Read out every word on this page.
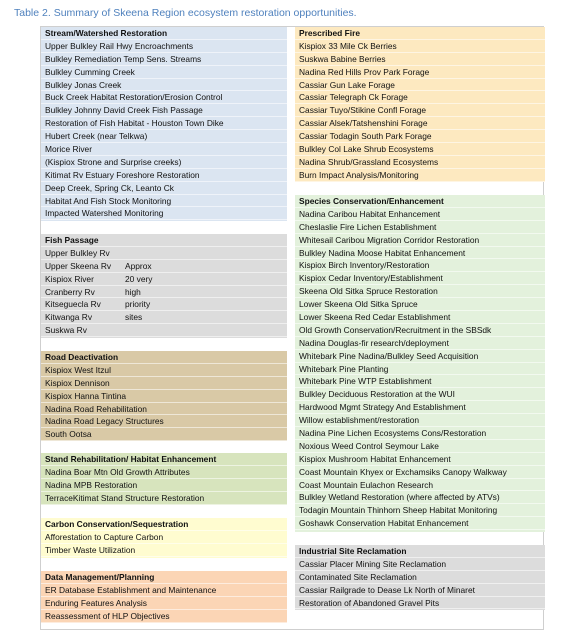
Table 2. Summary of Skeena Region ecosystem restoration opportunities.
Stream/Watershed Restoration
Upper Bulkley Rail Hwy Encroachments
Bulkley Remediation Temp Sens. Streams
Bulkley Cumming Creek
Bulkley Jonas Creek
Buck Creek Habitat Restoration/Erosion Control
Bulkley Johnny David Creek Fish Passage
Restoration of Fish Habitat - Houston Town Dike
Hubert Creek (near Telkwa)
Morice River
(Kispiox Strone and Surprise creeks)
Kitimat Rv Estuary Foreshore Restoration
Deep Creek, Spring Ck, Leanto Ck
Habitat And Fish Stock Monitoring
Impacted Watershed Monitoring
Fish Passage
Upper Bulkley Rv
Upper Skeena Rv	Approx
Kispiox River	20 very
Cranberry Rv	high
Kitseguecla Rv	priority
Kitwanga Rv	sites
Suskwa Rv
Road Deactivation
Kispiox West Itzul
Kispiox Dennison
Kispiox Hanna Tintina
Nadina Road Rehabilitation
Nadina Road Legacy Structures
South Ootsa
Stand Rehabilitation/ Habitat Enhancement
Nadina Boar Mtn Old Growth Attributes
Nadina MPB Restoration
TerraceKitimat Stand Structure Restoration
Carbon Conservation/Sequestration
Afforestation to Capture Carbon
Timber Waste Utilization
Data Management/Planning
ER Database Establishment and Maintenance
Enduring Features Analysis
Reassessment of HLP Objectives
Prescribed Fire
Kispiox 33 Mile Ck Berries
Suskwa Babine Berries
Nadina Red Hills Prov Park Forage
Cassiar Gun Lake Forage
Cassiar Telegraph Ck Forage
Cassiar Tuyo/Stikine Confl Forage
Cassiar Alsek/Tatshenshini Forage
Cassiar Todagin South Park Forage
Bulkley Col Lake Shrub Ecosystems
Nadina Shrub/Grassland Ecosystems
Burn Impact Analysis/Monitoring
Species Conservation/Enhancement
Nadina Caribou Habitat Enhancement
Cheslaslie Fire Lichen Establishment
Whitesail Caribou Migration Corridor Restoration
Bulkley Nadina Moose Habitat Enhancement
Kispiox Birch Inventory/Restoration
Kispiox Cedar Inventory/Establishment
Skeena Old Sitka Spruce Restoration
Lower Skeena Old Sitka Spruce
Lower Skeena Red Cedar Establishment
Old Growth Conservation/Recruitment in the SBSdk
Nadina Douglas-fir research/deployment
Whitebark Pine Nadina/Bulkley Seed Acquisition
Whitebark Pine Planting
Whitebark Pine WTP Establishment
Bulkley Deciduous Restoration at the WUI
Hardwood Mgmt Strategy And Establishment
Willow establishment/restoration
Nadina Pine Lichen Ecosystems Cons/Restoration
Noxious Weed Control Seymour Lake
Kispiox Mushroom Habitat Enhancement
Coast Mountain Khyex or Exchamsiks Canopy Walkway
Coast Mountain Eulachon Research
Bulkley Wetland Restoration (where affected by ATVs)
Todagin Mountain Thinhorn Sheep Habitat Monitoring
Goshawk Conservation Habitat Enhancement
Industrial Site Reclamation
Cassiar Placer Mining Site Reclamation
Contaminated Site Reclamation
Cassiar Railgrade to Dease Lk North of Minaret
Restoration of Abandoned Gravel Pits
